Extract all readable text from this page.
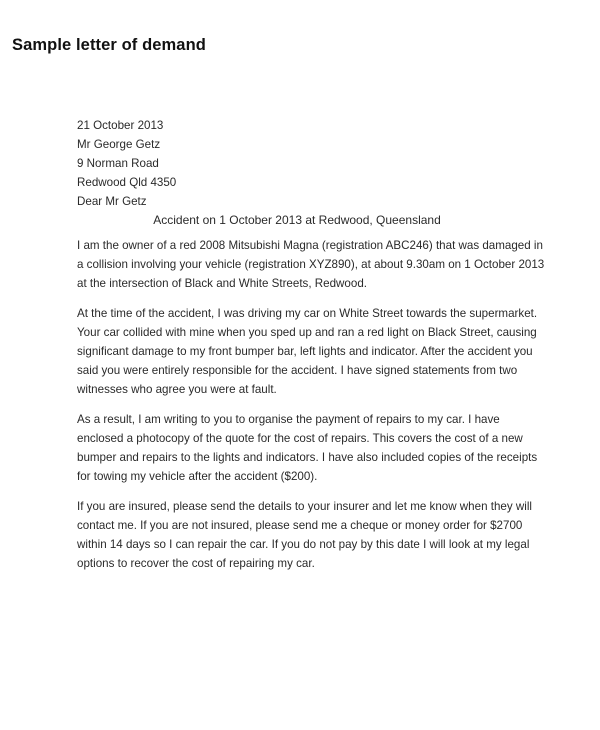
Sample letter of demand

21 October 2013

Mr George Getz
9 Norman Road
Redwood Qld 4350

Dear Mr Getz

Accident on 1 October 2013 at Redwood, Queensland

I am the owner of a red 2008 Mitsubishi Magna (registration ABC246) that was damaged in
a collision involving your vehicle (registration XYZ890), at about 9.30am on 1 October 2013
at the intersection of Black and White Streets, Redwood.
At the time of the accident, I was driving my car on White Street towards the supermarket.
Your car collided with mine when you sped up and ran a red light on Black Street, causing
significant damage to my front bumper bar, left lights and indicator. After the accident you
said you were entirely responsible for the accident. I have signed statements from two
witnesses who agree you were at fault.
As a result, I am writing to you to organise the payment of repairs to my car. I have
enclosed a photocopy of the quote for the cost of repairs. This covers the cost of a new
bumper and repairs to the lights and indicators. I have also included copies of the receipts
for towing my vehicle after the accident ($200).
If you are insured, please send the details to your insurer and let me know when they will
contact me. If you are not insured, please send me a cheque or money order for $2700
within 14 days so I can repair the car. If you do not pay by this date I will look at my legal
options to recover the cost of repairing my car.
